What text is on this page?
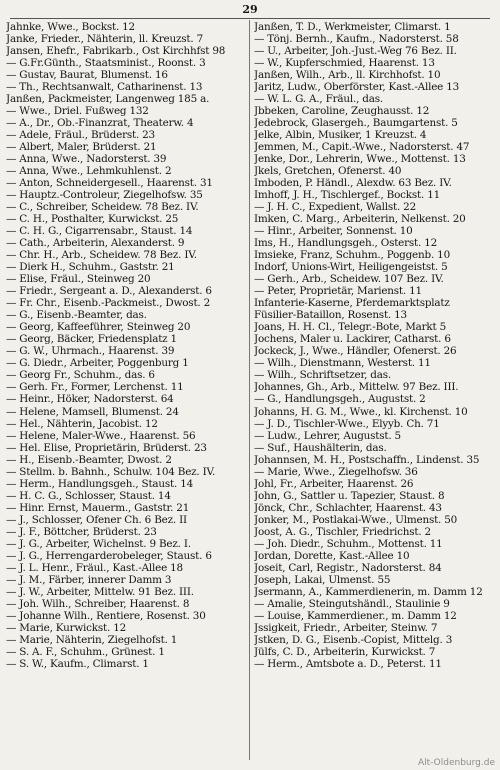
29
Jahnke, Wwe., Bockst. 12
Janke, Frieder., Nähterin, ll. Kreuzst. 7
Jansen, Ehefr., Fabrikarb., Ost Kirchhfst 98
— G.Fr.Günth., Staatsminist., Roonst. 3
— Gustav, Baurat, Blumenst. 16
— Th., Rechtsanwalt, Catharinenst. 13
Janßen, Packmeister, Langenweg 185 a.
— Wwe., Driel. Fußweg 132
— A., Dr., Ob.-Finanzrat, Theaterw. 4
— Adele, Fräul., Brüderst. 23
— Albert, Maler, Brüderst. 21
— Anna, Wwe., Nadorsterst. 39
— Anna, Wwe., Lehmkuhlenst. 2
— Anton, Schneidergesell., Haarenst. 31
— Hauptz.-Controleur, Ziegelhofsw. 35
— C., Schreiber, Scheidew. 78 Bez. IV.
— C. H., Posthalter, Kurwickst. 25
— C. H. G., Cigarrensabr., Staust. 14
— Cath., Arbeiterin, Alexanderst. 9
— Chr. H., Arb., Scheidew. 78 Bez. IV.
— Dierk H., Schuhm., Gaststr. 21
— Elise, Fräul., Steinweg 20
— Friedr., Sergeant a. D., Alexanderst. 6
— Fr. Chr., Eisenb.-Packmeist., Dwost. 2
— G., Eisenb.-Beamter, das.
— Georg, Kaffeeführer, Steinweg 20
— Georg, Bäcker, Friedensplatz 1
— G. W., Uhrmach., Haarenst. 39
— G. Diedr., Arbeiter, Poggenburg 1
— Georg Fr., Schuhm., das. 6
— Gerh. Fr., Former, Lerchenst. 11
— Heinr., Höker, Nadorsterst. 64
— Helene, Mamsell, Blumenst. 24
— Hel., Nähterin, Jacobist. 12
— Helene, Maler-Wwe., Haarenst. 56
— Hel. Elise, Proprietärin, Brüderst. 23
— H., Eisenb.-Beamter, Dwost. 2
— Stellm. b. Bahnh., Schulw. 104 Bez. IV.
— Herm., Handlungsgeh., Staust. 14
— H. C. G., Schlosser, Staust. 14
— Hinr. Ernst, Mauerm., Gaststr. 21
— J., Schlosser, Ofener Ch. 6 Bez. II
— J. F., Böttcher, Brüderst. 23
— J. G., Arbeiter, Wichelnst. 9 Bez. I.
— J. G., Herrengarderobeleger, Staust. 6
— J. L. Henr., Fräul., Kast.-Allee 18
— J. M., Färber, innerer Damm 3
— J. W., Arbeiter, Mittelw. 91 Bez. III.
— Joh. Wilh., Schreiber, Haarenst. 8
— Johanne Wilh., Rentiere, Rosenst. 30
— Marie, Kurwickst. 12
— Marie, Nähterin, Ziegelhofst. 1
— S. A. F., Schuhm., Grünest. 1
— S. W., Kaufm., Climarst. 1
Janßen, T. D., Werkmeister, Climarst. 1
— Tönj. Bernh., Kaufm., Nadorsterst. 58
— U., Arbeiter, Joh.-Just.-Weg 76 Bez. II.
— W., Kupferschmied, Haarenst. 13
Janßen, Wilh., Arb., ll. Kirchhofst. 10
Jaritz, Ludw., Oberförster, Kast.-Allee 13
— W. L. G. A., Fräul., das.
Jbbeken, Caroline, Zeughausst. 12
Jedebrock, Glasergeh., Baumgartenst. 5
Jelke, Albin, Musiker, 1 Kreuzst. 4
Jemmen, M., Capit.-Wwe., Nadorsterst. 47
Jenke, Dor., Lehrerin, Wwe., Mottenst. 13
Jkels, Gretchen, Ofenerst. 40
Imboden, P. Händl., Alexdw. 63 Bez. IV.
Imhoff, J. H., Tischlergef., Bockst. 11
— J. H. C., Expedient, Wallst. 22
Imken, C. Marg., Arbeiterin, Nelkenst. 20
— Hinr., Arbeiter, Sonnenst. 10
Ims, H., Handlungsgeh., Osterst. 12
Imsieke, Franz, Schuhm., Poggenb. 10
Indorf, Unions-Wirt, Heiligengeistst. 5
— Gerh., Arb., Scheidew. 107 Bez. IV.
— Peter, Proprietär, Marienst. 11
Infanterie-Kaserne, Pferdemarktsplatz
Füsilier-Bataillon, Rosenst. 13
Joans, H. H. Cl., Telegr.-Bote, Markt 5
Jochens, Maler u. Lackirer, Catharst. 6
Jockeck, J., Wwe., Händler, Ofenerst. 26
— Wilh., Dienstmann, Westerst. 11
— Wilh., Schriftsetzer, das.
Johannes, Gh., Arb., Mittelw. 97 Bez. III.
— G., Handlungsgeh., Augustst. 2
Johanns, H. G. M., Wwe., kl. Kirchenst. 10
— J. D., Tischler-Wwe., Elyyb. Ch. 71
— Ludw., Lehrer, Augustst. 5
— Suf., Haushälterin, das.
Johannsen, M. H., Postschaffn., Lindenst. 35
— Marie, Wwe., Ziegelhofsw. 36
Johl, Fr., Arbeiter, Haarenst. 26
John, G., Sattler u. Tapezier, Staust. 8
Jönck, Chr., Schlachter, Haarenst. 43
Jonker, M., Postlakai-Wwe., Ulmenst. 50
Joost, A. G., Tischler, Friedrichst. 2
— Joh. Diedr., Schuhm., Mottenst. 11
Jordan, Dorette, Kast.-Allee 10
Joseit, Carl, Registr., Nadorsterst. 84
Joseph, Lakai, Ulmenst. 55
Jsermann, A., Kammerdienerin, m. Damm 12
— Amalie, Steingutshändl., Staulinie 9
— Louise, Kammerdiener., m. Damm 12
Jssigkeit, Friedr., Arbeiter, Steinw. 7
Jstken, D. G., Eisenb.-Copist, Mittelg. 3
Jülfs, C. D., Arbeiterin, Kurwickst. 7
— Herm., Amtsbote a. D., Peterst. 11
Alt-Oldenburg.de
